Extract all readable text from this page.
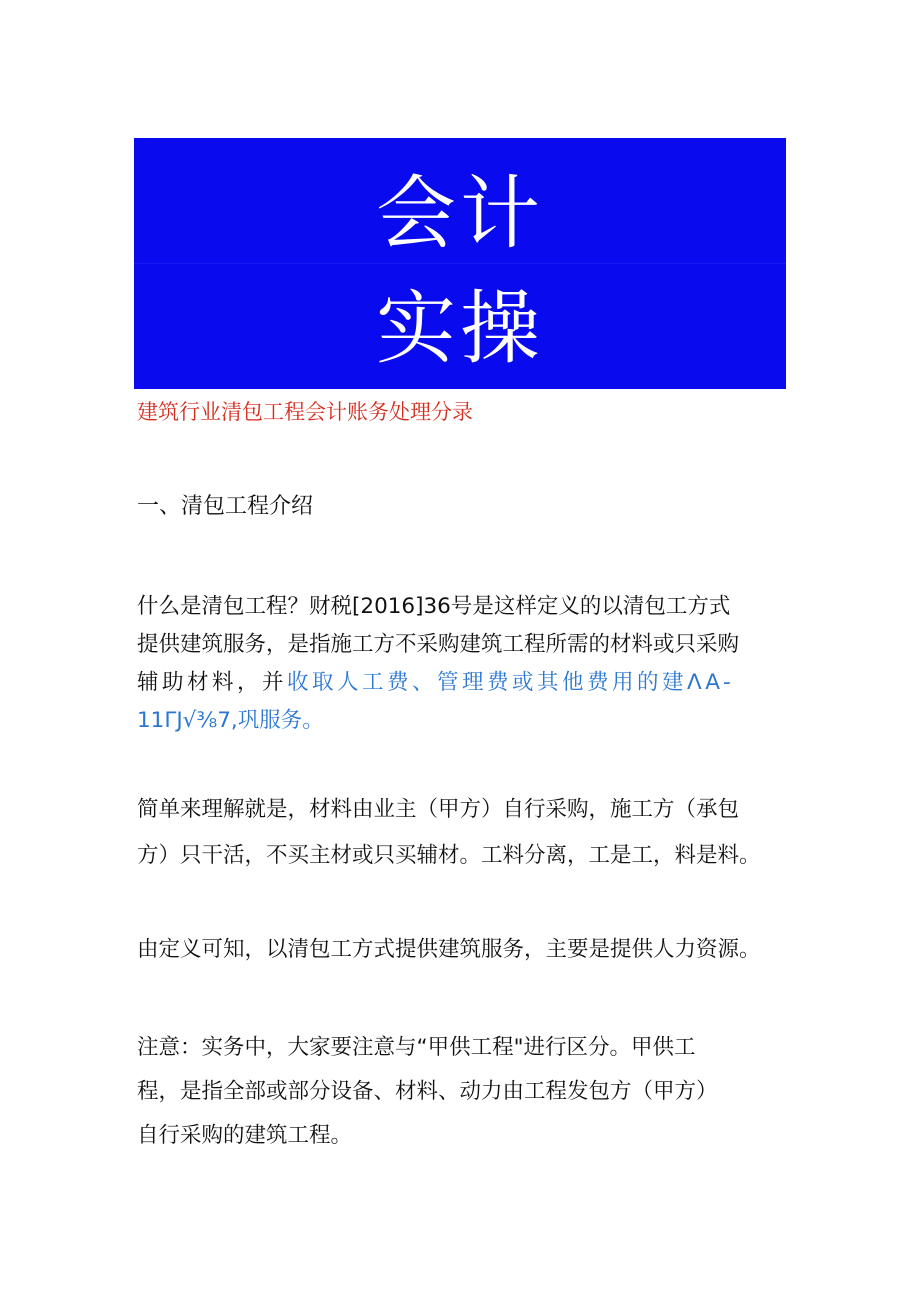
会计
实操
建筑行业清包工程会计账务处理分录
一、清包工程介绍
什么是清包工程？财税[2016]36号是这样定义的以清包工方式
提供建筑服务，是指施工方不采购建筑工程所需的材料或只采购
辅助材料，并收取人工费、管理费或其他费用的建ΛA-
11ΓJ√⅜7,巩服务。
简单来理解就是，材料由业主（甲方）自行采购，施工方（承包
方）只干活，不买主材或只买辅材。工料分离，工是工，料是料。
由定义可知，以清包工方式提供建筑服务，主要是提供人力资源。
注意：实务中，大家要注意与“甲供工程"进行区分。甲供工
程，是指全部或部分设备、材料、动力由工程发包方（甲方）
自行采购的建筑工程。
